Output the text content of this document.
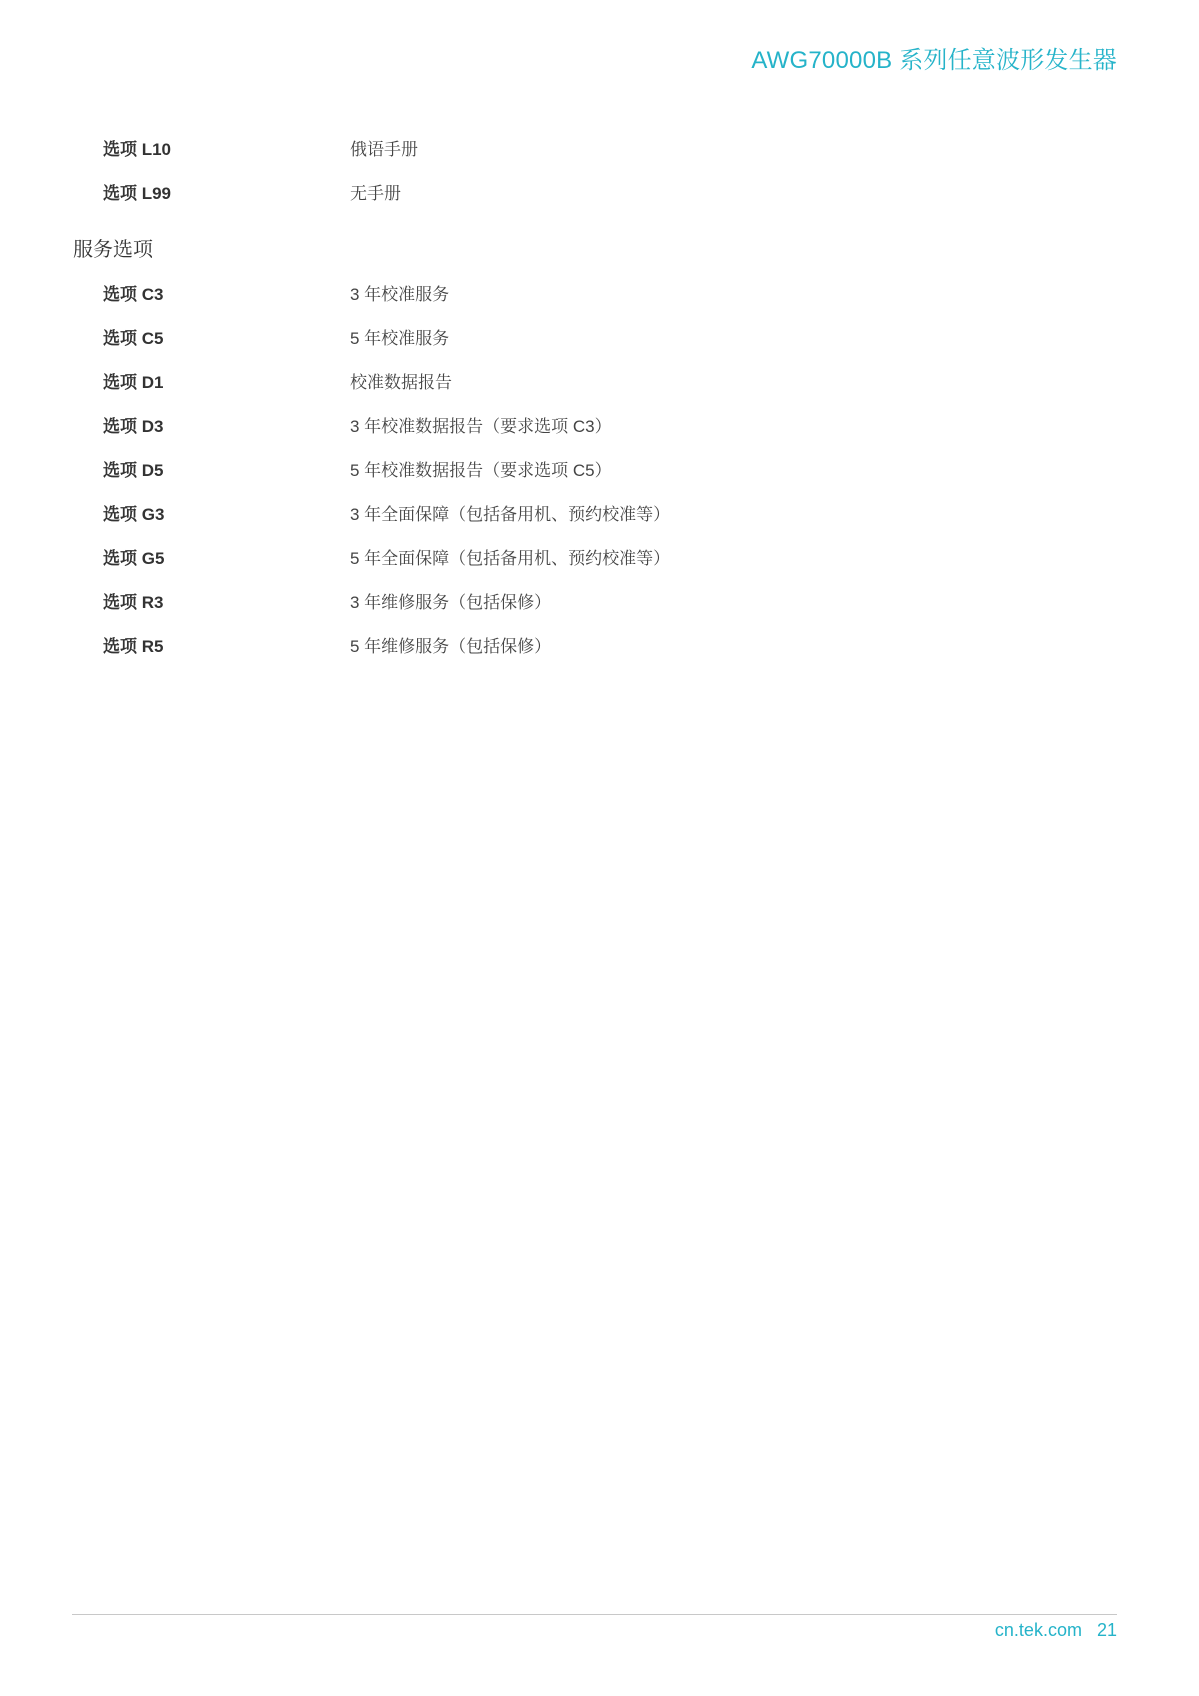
AWG70000B 系列任意波形发生器
选项 L10	俄语手册
选项 L99	无手册
服务选项
选项 C3	3 年校准服务
选项 C5	5 年校准服务
选项 D1	校准数据报告
选项 D3	3 年校准数据报告（要求选项 C3）
选项 D5	5 年校准数据报告（要求选项 C5）
选项 G3	3 年全面保障（包括备用机、预约校准等）
选项 G5	5 年全面保障（包括备用机、预约校准等）
选项 R3	3 年维修服务（包括保修）
选项 R5	5 年维修服务（包括保修）
cn.tek.com 21
